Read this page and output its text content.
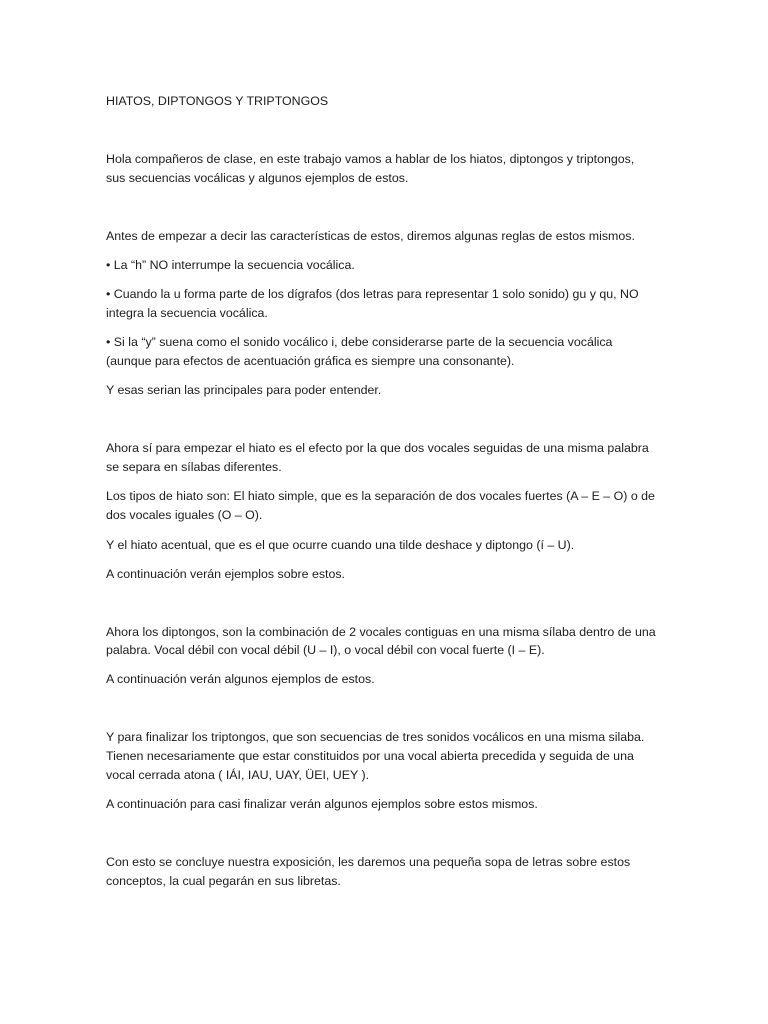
HIATOS, DIPTONGOS Y TRIPTONGOS
Hola compañeros de clase, en este trabajo vamos a hablar de los hiatos, diptongos y triptongos,
sus secuencias vocálicas y algunos ejemplos de estos.
Antes de empezar a decir las características de estos, diremos algunas reglas de estos mismos.
• La “h” NO interrumpe la secuencia vocálica.
• Cuando la u forma parte de los dígrafos (dos letras para representar 1 solo sonido) gu y qu, NO
integra la secuencia vocálica.
• Si la “y” suena como el sonido vocálico i, debe considerarse parte de la secuencia vocálica
(aunque para efectos de acentuación gráfica es siempre una consonante).
Y esas serian las principales para poder entender.
Ahora sí para empezar el hiato es el efecto por la que dos vocales seguidas de una misma palabra
se separa en sílabas diferentes.
Los tipos de hiato son: El hiato simple, que es la separación de dos vocales fuertes (A – E – O) o de
dos vocales iguales (O – O).
Y el hiato acentual, que es el que ocurre cuando una tilde deshace y diptongo (í – U).
A continuación verán ejemplos sobre estos.
Ahora los diptongos, son la combinación de 2 vocales contiguas en una misma sílaba dentro de una
palabra. Vocal débil con vocal débil (U – I), o vocal débil con vocal fuerte (I – E).
A continuación verán algunos ejemplos de estos.
Y para finalizar los triptongos, que son secuencias de tres sonidos vocálicos en una misma silaba.
Tienen necesariamente que estar constituidos por una vocal abierta precedida y seguida de una
vocal cerrada atona ( IÁI, IAU, UAY, ÜEI, UEY ).
A continuación para casi finalizar verán algunos ejemplos sobre estos mismos.
Con esto se concluye nuestra exposición, les daremos una pequeña sopa de letras sobre estos
conceptos, la cual pegarán en sus libretas.
